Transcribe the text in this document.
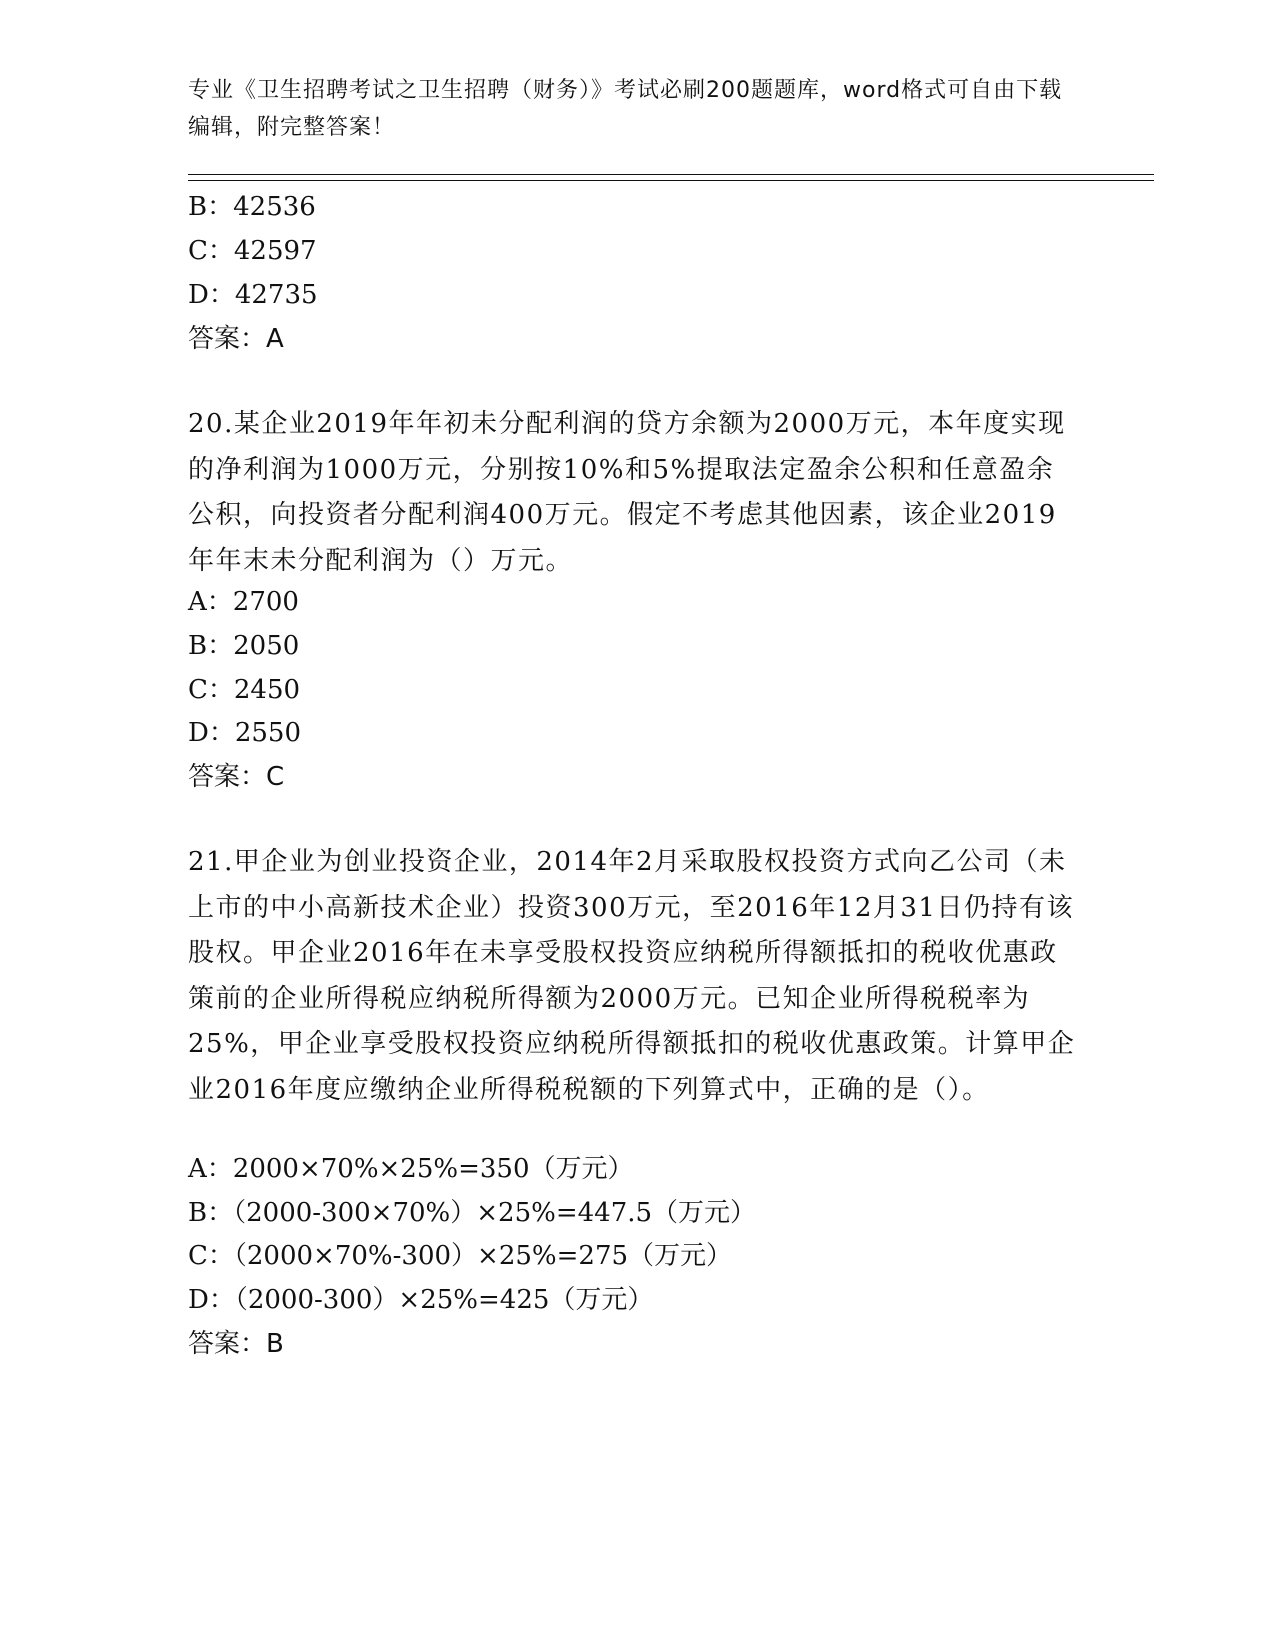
专业《卫生招聘考试之卫生招聘（财务）》考试必刷200题题库，word格式可自由下载编辑，附完整答案！
B：42536
C：42597
D：42735
答案：A
20.某企业2019年年初未分配利润的贷方余额为2000万元，本年度实现的净利润为1000万元，分别按10%和5%提取法定盈余公积和任意盈余公积，向投资者分配利润400万元。假定不考虑其他因素，该企业2019年年末未分配利润为（）万元。
A：2700
B：2050
C：2450
D：2550
答案：C
21.甲企业为创业投资企业，2014年2月采取股权投资方式向乙公司（未上市的中小高新技术企业）投资300万元，至2016年12月31日仍持有该股权。甲企业2016年在未享受股权投资应纳税所得额抵扣的税收优惠政策前的企业所得税应纳税所得额为2000万元。已知企业所得税税率为25%，甲企业享受股权投资应纳税所得额抵扣的税收优惠政策。计算甲企业2016年度应缴纳企业所得税税额的下列算式中，正确的是（）。
A：2000×70%×25%=350（万元）
B：（2000-300×70%）×25%=447.5（万元）
C：（2000×70%-300）×25%=275（万元）
D：（2000-300）×25%=425（万元）
答案：B
